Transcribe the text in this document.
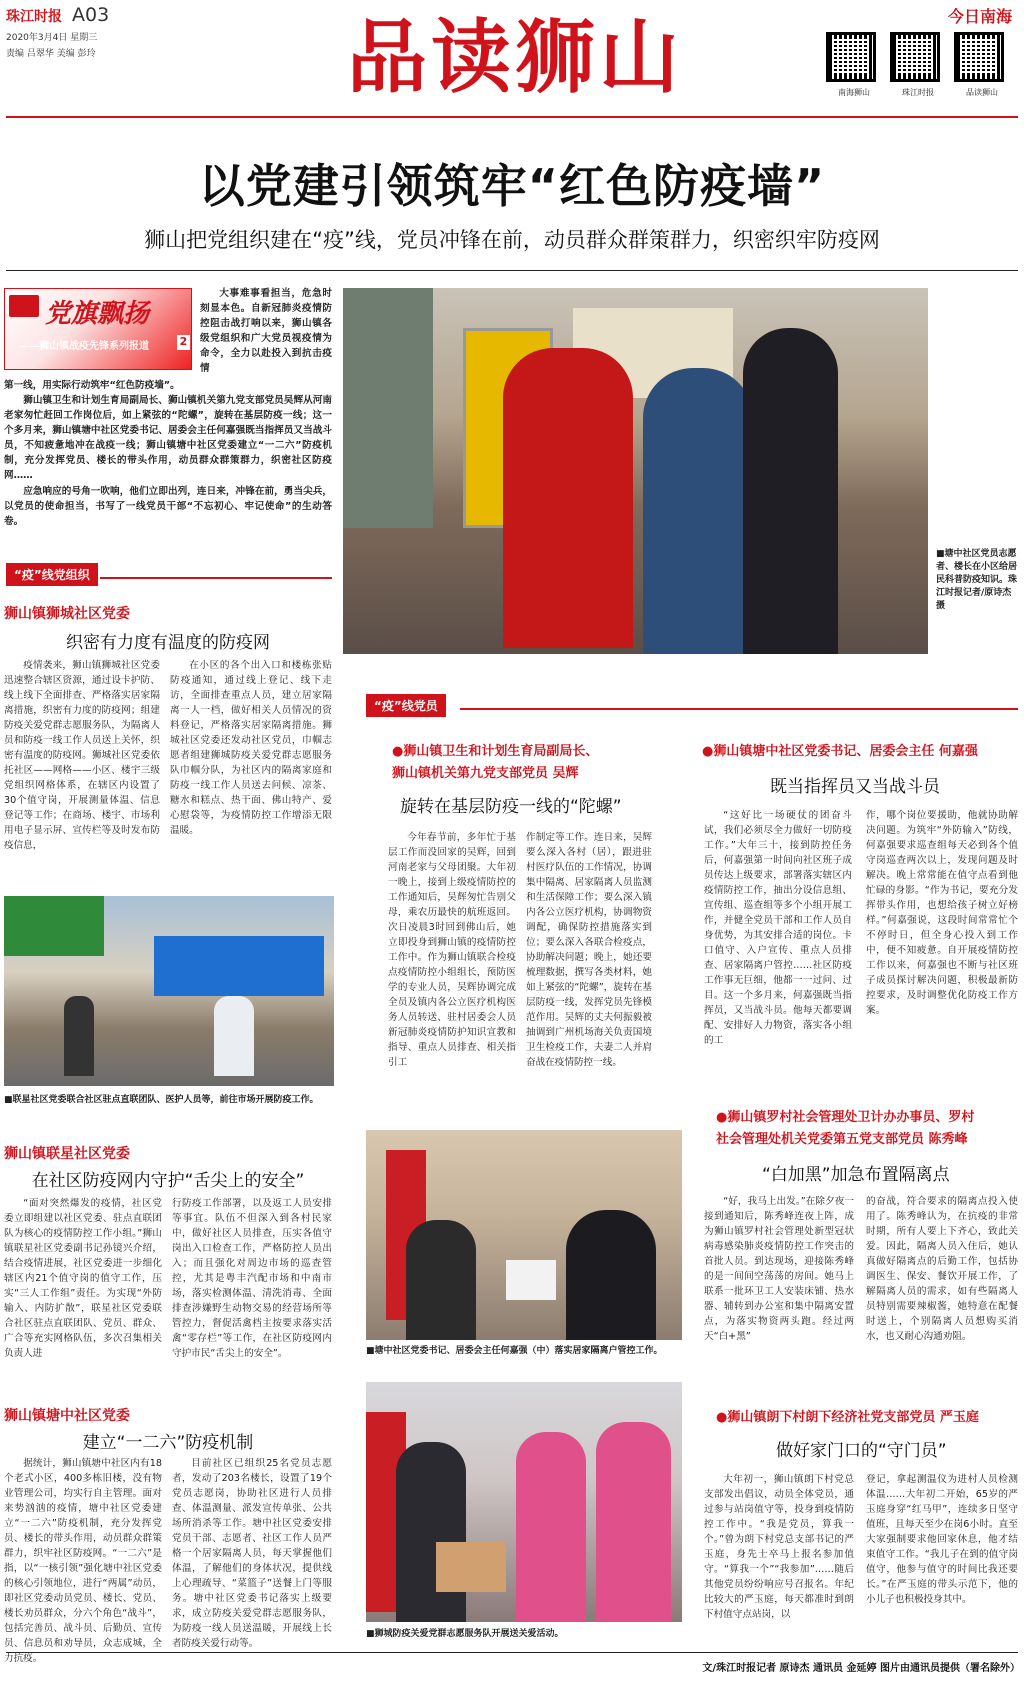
珠江时报 A03
2020年3月4日 星期三
责编 吕翠华 美编 彭玲	品读狮山	今日南海
南海狮山	珠江时报	品读狮山
以党建引领筑牢“红色防疫墙”
狮山把党组织建在“疫”线，党员冲锋在前，动员群众群策群力，织密织牢防疫网
党旗飘扬
——狮山镇战疫先锋系列报道	2
大事难事看担当，危急时刻显本色。自新冠肺炎疫情防控阻击战打响以来，狮山镇各级党组织和广大党员视疫情为命令，全力以赴投入到抗击疫情
第一线，用实际行动筑牢“红色防疫墙”。

狮山镇卫生和计划生育局副局长、狮山镇机关第九党支部党员吴辉从河南老家匆忙赶回工作岗位后，如上紧弦的“陀螺”，旋转在基层防疫一线；这一个多月来，狮山镇塘中社区党委书记、居委会主任何嘉强既当指挥员又当战斗员，不知疲惫地冲在战疫一线；狮山镇塘中社区党委建立“一二六”防疫机制，充分发挥党员、楼长的带头作用，动员群众群策群力，织密社区防疫网……

应急响应的号角一吹响，他们立即出列，连日来，冲锋在前，勇当尖兵，以党员的使命担当，书写了一线党员干部“不忘初心、牢记使命”的生动答卷。

■塘中社区党员志愿者、楼长在小区给居民科普防疫知识。珠江时报记者/原诗杰 摄
“疫”线党组织
狮山镇狮城社区党委
织密有力度有温度的防疫网
疫情袭来，狮山镇狮城社区党委迅速整合辖区资源，通过设卡护防、线上线下全面排查、严格落实居家隔离措施，织密有力度的防疫网；组建防疫关爱党群志愿服务队，为隔离人员和防疫一线工作人员送上关怀，织密有温度的防疫网。狮城社区党委依托社区——网格——小区、楼宇三级党组织网格体系，在辖区内设置了30个值守岗，开展测量体温、信息登记等工作；在商场、楼宇、市场利用电子显示屏、宣传栏等及时发布防疫信息，
在小区的各个出入口和楼栋张贴防疫通知，通过线上登记、线下走访，全面排查重点人员，建立居家隔离一人一档，做好相关人员情况的资料登记，严格落实居家隔离措施。狮城社区党委还发动社区党员，巾帼志愿者组建狮城防疫关爱党群志愿服务队巾帼分队，为社区内的隔离家庭和防疫一线工作人员送去问候、凉茶、糖水和糕点、热干面、佛山特产、爱心慰袋等，为疫情防控工作增添无限温暖。
■联星社区党委联合社区驻点直联团队、医护人员等，前往市场开展防疫工作。
狮山镇联星社区党委
在社区防疫网内守护“舌尖上的安全”
“面对突然爆发的疫情，社区党委立即组建以社区党委、驻点直联团队为核心的疫情防控工作小组。”狮山镇联星社区党委副书记孙镜兴介绍，结合疫情进展，社区党委进一步细化辖区内21个值守岗的值守工作，压实“三人工作组”责任。为实现“外防输入、内防扩散”，联星社区党委联合社区驻点直联团队、党员、群众、广合等充实网格队伍，多次召集相关负责人进
行防疫工作部署，以及返工人员安排等事宜。队伍不但深入到各村民家中，做好社区人员排查，压实各值守岗出入口检查工作，严格防控人员出入；而且强化对周边市场的巡查管控，尤其是粤丰汽配市场和中南市场，落实检测体温、清洗消毒、全面排查涉嫌野生动物交易的经营场所等管控力，督促活禽档主按要求落实活禽“零存栏”等工作，在社区防疫网内守护市民“舌尖上的安全”。
狮山镇塘中社区党委
建立“一二六”防疫机制
据统计，狮山镇塘中社区内有18个老式小区，400多栋旧楼，没有物业管理公司，均实行自主管理。面对来势汹汹的疫情，塘中社区党委建立“一二六”防疫机制，充分发挥党员、楼长的带头作用，动员群众群策群力，织牢社区防疫网。“一二六”是指，以“一核引领”强化塘中社区党委的核心引领地位，进行“两属”动员，即社区党委动员党员、楼长、党员、楼长劝员群众，分六个角色“战斗”，包括完善员、战斗员、后勤员、宣传员、信息员和劝导员，众志成城，全力抗疫。
目前社区已组织25名党员志愿者，发动了203名楼长，设置了19个党员志愿岗，协助社区进行人员排查、体温测量、派发宣传单张、公共场所消杀等工作。塘中社区党委安排党员干部、志愿者、社区工作人员严格一个居家隔离人员，每天掌握他们体温，了解他们的身体状况，提供线上心理疏导、“菜篮子”送餐上门等服务。塘中社区党委书记落实上级要求，成立防疫关爱党群志愿服务队，为防疫一线人员送温暖，开展线上长者防疫关爱行动等。
“疫”线党员
●狮山镇卫生和计划生育局副局长、
狮山镇机关第九党支部党员 吴辉
旋转在基层防疫一线的“陀螺”
今年春节前，多年忙于基层工作而没回家的吴辉，回到河南老家与父母团聚。大年初一晚上，接到上级疫情防控的工作通知后，吴辉匆忙告别父母，乘农历最快的航班返回。次日凌晨3时回到佛山后，她立即投身到狮山镇的疫情防控工作中。作为狮山镇联合检疫点疫情防控小组组长，预防医学的专业人员，吴辉协调完成全员及镇内各公立医疗机构医务人员转送、驻村居委会人员新冠肺炎疫情防护知识宣教和指导、重点人员排查、相关指引工
作制定等工作。连日来，吴辉要么深入各村（居），跟进驻村医疗队伍的工作情况，协调集中隔离、居家隔离人员监测和生活保障工作；要么深入镇内各公立医疗机构，协调物资调配，确保防控措施落实到位；要么深入各联合检疫点，协助解决问题；晚上，她还要梳理数据，撰写各类材料，她如上紧弦的“陀螺”，旋转在基层防疫一线，发挥党员先锋模范作用。吴辉的丈夫何振毅被抽调到广州机场海关负责国境卫生检疫工作，夫妻二人并肩奋战在疫情防控一线。
●狮山镇塘中社区党委书记、居委会主任 何嘉强
既当指挥员又当战斗员
“这好比一场硬仗的团奋斗试，我们必须尽全力做好一切防疫工作。”大年三十，接到防控任务后，何嘉强第一时间向社区班子成员传达上级要求，部署落实辖区内疫情防控工作，抽出分设信息组、宣传组、巡查组等多个小组开展工作，并健全党员干部和工作人员自身优势，为其安排合适的岗位。卡口值守、入户宣传、重点人员排查、居家隔离户管控……社区防疫工作事无巨细，他都一一过问、过目。这一个多月来，何嘉强既当指挥员，又当战斗员。他每天都要调配、安排好人力物资，落实各小组的工
作，哪个岗位要援助，他就协助解决问题。为筑牢“外防输入”防线，何嘉强要求巡查组每天必到各个值守岗巡查两次以上，发现问题及时解决。晚上常常能在值守点看到他忙碌的身影。“作为书记，要充分发挥带头作用，也想给孩子树立好榜样。”何嘉强说，这段时间常常忙个不停时日，但全身心投入到工作中，便不知疲惫。自开展疫情防控工作以来，何嘉强也不断与社区班子成员探讨解决问题，积极最新防控要求，及时调整优化防疫工作方案。
■塘中社区党委书记、居委会主任何嘉强（中）落实居家隔离户管控工作。
■狮城防疫关爱党群志愿服务队开展送关爱活动。
●狮山镇罗村社会管理处卫计办办事员、罗村
社会管理处机关党委第五党支部党员 陈秀峰
“白加黑”加急布置隔离点
“好，我马上出发。”在除夕夜一接到通知后，陈秀峰连夜上阵，成为狮山镇罗村社会管理处新型冠状病毒感染肺炎疫情防控工作突击的首批人员。到达现场，迎接陈秀峰的是一间间空荡荡的房间。她马上联系一批环卫工人安装床铺、热水器、辅转到办公室和集中隔离安置点，为落实物资两头跑。经过两天“白+黑”
的奋战，符合要求的隔离点投入使用了。陈秀峰认为，在抗疫的非常时期，所有人要上下齐心，致此关爱。因此，隔离人员入住后，她认真做好隔离点的后勤工作，包括协调医生、保安、餐饮开展工作，了解隔离人员的需求，如有些隔离人员特别需要辣椒酱，她特意在配餐时送上，个别隔离人员想购买消水，也又耐心沟通劝阻。
●狮山镇朗下村朗下经济社党支部党员 严玉庭
做好家门口的“守门员”
大年初一，狮山镇朗下村党总支部发出倡议，动员全体党员，通过参与站岗值守等，投身到疫情防控工作中。“我是党员，算我一个。”曾为朗下村党总支部书记的严玉庭，身先士卒马上报名参加值守。“算我一个”“我参加”……随后其他党员纷纷响应号召报名。年纪比较大的严玉庭，每天都准时到朗下村值守点站岗，以
登记，拿起测温仪为进村人员检测体温……大年初二开始，65岁的严玉庭身穿“红马甲”，连续多日坚守值班，且每天至少在岗6小时。直至大家强制要求他回家休息，他才结束值守工作。“我儿子在到的值守岗值守，他参与值守的时间比我还要长。”在严玉庭的带头示范下，他的小儿子也积极投身其中。
文/珠江时报记者 原诗杰 通讯员 金延婷 图片由通讯员提供（署名除外）
